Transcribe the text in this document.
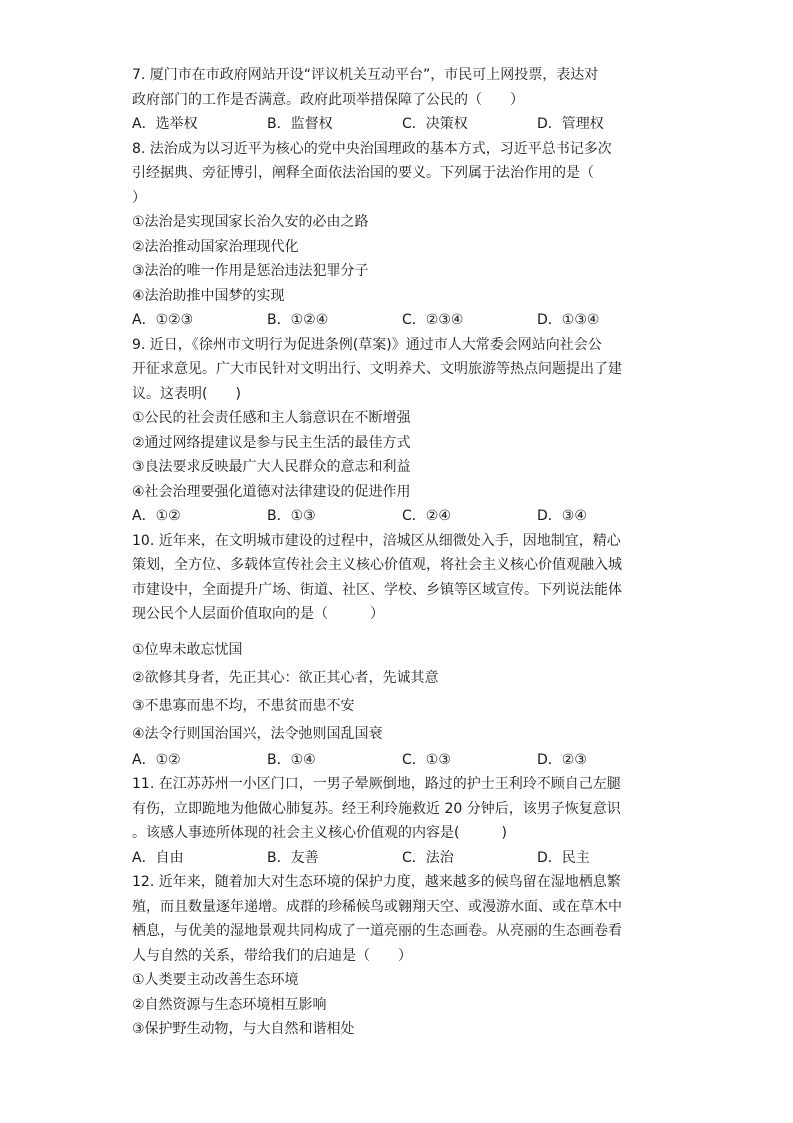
7. 厦门市在市政府网站开设“评议机关互动平台”，市民可上网投票，表达对
政府部门的工作是否满意。政府此项举措保障了公民的（　　）
A．选举权	B．监督权	C．决策权	D．管理权
8. 法治成为以习近平为核心的党中央治国理政的基本方式，习近平总书记多次
引经据典、旁征博引，阐释全面依法治国的要义。下列属于法治作用的是（
）
①法治是实现国家长治久安的必由之路
②法治推动国家治理现代化
③法治的唯一作用是惩治违法犯罪分子
④法治助推中国梦的实现
A．①②③	B．①②④	C．②③④	D．①③④
9. 近日，《徐州市文明行为促进条例(草案)》通过市人大常委会网站向社会公
开征求意见。广大市民针对文明出行、文明养犬、文明旅游等热点问题提出了建
议。这表明(　　)
①公民的社会责任感和主人翁意识在不断增强
②通过网络提建议是参与民主生活的最佳方式
③良法要求反映最广大人民群众的意志和利益
④社会治理要强化道德对法律建设的促进作用
A．①②	B．①③	C．②④	D．③④
10. 近年来，在文明城市建设的过程中，涪城区从细微处入手，因地制宜，精心
策划，全方位、多载体宣传社会主义核心价值观，将社会主义核心价值观融入城
市建设中，全面提升广场、街道、社区、学校、乡镇等区域宣传。下列说法能体
现公民个人层面价值取向的是（　　　）
①位卑未敢忘忧国
②欲修其身者，先正其心：欲正其心者，先诚其意
③不患寡而患不均，不患贫而患不安
④法令行则国治国兴，法令弛则国乱国衰
A．①②	B．①④	C．①③	D．②③
11. 在江苏苏州一小区门口，一男子晕厥倒地，路过的护士王利玲不顾自己左腿
有伤，立即跪地为他做心肺复苏。经王利玲施救近 20 分钟后，该男子恢复意识
。该感人事迹所体现的社会主义核心价值观的内容是(　　　)
A．自由	B．友善	C．法治	D．民主
12. 近年来，随着加大对生态环境的保护力度，越来越多的候鸟留在湿地栖息繁
殖，而且数量逐年递增。成群的珍稀候鸟或翱翔天空、或漫游水面、或在草木中
栖息，与优美的湿地景观共同构成了一道亮丽的生态画卷。从亮丽的生态画卷看
人与自然的关系，带给我们的启迪是（　　）
①人类要主动改善生态环境
②自然资源与生态环境相互影响
③保护野生动物，与大自然和谐相处
